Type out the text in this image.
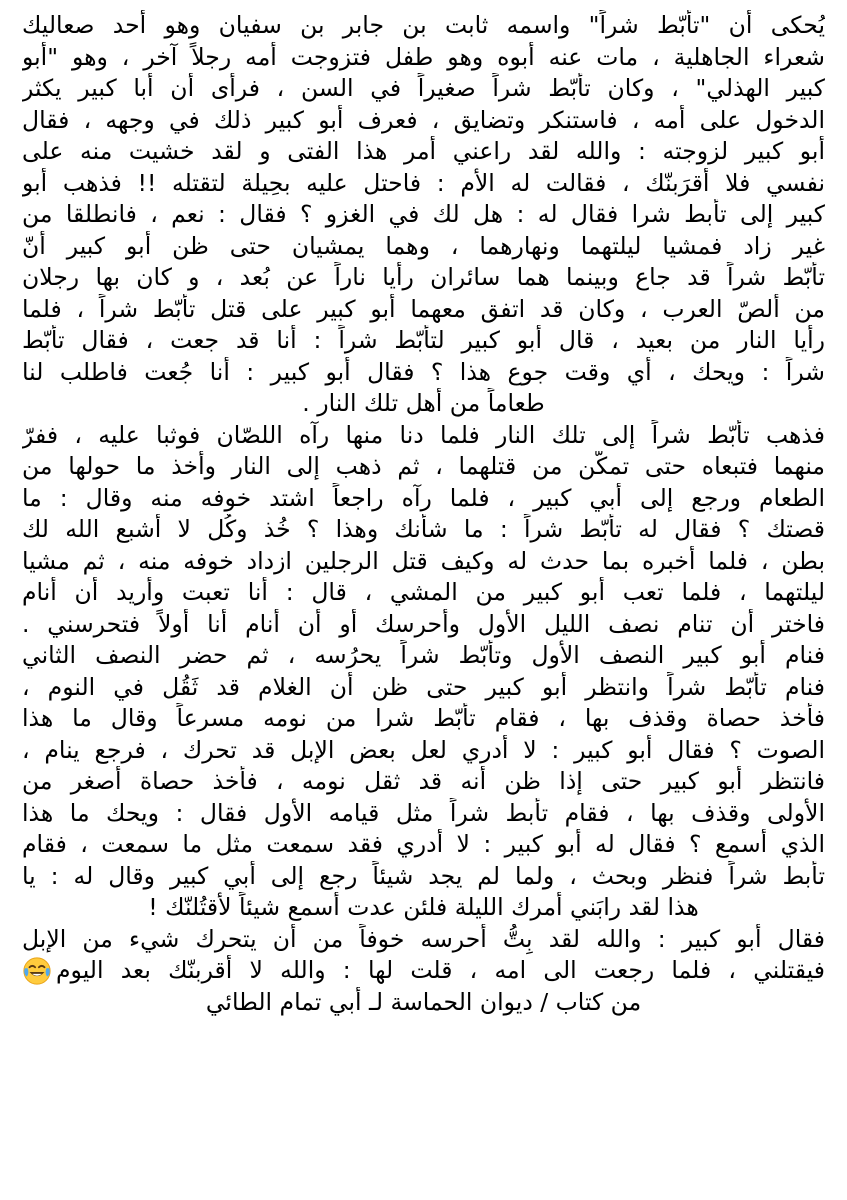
يُحكى أن "تأبّط شراً" واسمه ثابت بن جابر بن سفيان وهو أحد صعاليك
شعراء الجاهلية ، مات عنه أبوه وهو طفل فتزوجت أمه رجلاً آخر ، وهو "أبو
كبير الهذلي" ، وكان تأبّط شراً صغيراً في السن ، فرأى أن أبا كبير يكثر
الدخول على أمه ، فاستنكر وتضايق ، فعرف أبو كبير ذلك في وجهه ، فقال
أبو كبير لزوجته : والله لقد راعني أمر هذا الفتى و لقد خشيت منه على
نفسي فلا أقرَبنّك ، فقالت له الأم : فاحتل عليه بحِيلة لتقتله !! فذهب أبو
كبير إلى تأبط شرا فقال له : هل لك في الغزو ؟ فقال : نعم ، فانطلقا من
غير زاد فمشيا ليلتهما ونهارهما ، وهما يمشيان حتى ظن أبو كبير أنّ
تأبّط شراً قد جاع وبينما هما سائران رأيا ناراً عن بُعد ، و كان بها رجلان
من ألصّ العرب ، وكان قد اتفق معهما أبو كبير على قتل تأبّط شراً ، فلما
رأيا النار من بعيد ، قال أبو كبير لتأبّط شراً : أنا قد جعت ، فقال تأبّط
شراً : ويحك ، أي وقت جوع هذا ؟ فقال أبو كبير : أنا جُعت فاطلب لنا
طعاماً من أهل تلك النار .
فذهب تأبّط شراً إلى تلك النار فلما دنا منها رآه اللصّان فوثبا عليه ، ففرّ
منهما فتبعاه حتى تمكّن من قتلهما ، ثم ذهب إلى النار وأخذ ما حولها من
الطعام ورجع إلى أبي كبير ، فلما رآه راجعاً اشتد خوفه منه وقال : ما
قصتك ؟ فقال له تأبّط شراً : ما شأنك وهذا ؟ خُذ وكُل لا أشبع الله لك
بطن ، فلما أخبره بما حدث له وكيف قتل الرجلين ازداد خوفه منه ، ثم مشيا
ليلتهما ، فلما تعب أبو كبير من المشي ، قال : أنا تعبت وأريد أن أنام
فاختر أن تنام نصف الليل الأول وأحرسك أو أن أنام أنا أولاً فتحرسني .
فنام أبو كبير النصف الأول وتأبّط شراً يحرُسه ، ثم حضر النصف الثاني
فنام تأبّط شراً وانتظر أبو كبير حتى ظن أن الغلام قد ثَقُل في النوم ،
فأخذ حصاة وقذف بها ، فقام تأبّط شرا من نومه مسرعاً وقال ما هذا
الصوت ؟ فقال أبو كبير : لا أدري لعل بعض الإبل قد تحرك ، فرجع ينام ،
فانتظر أبو كبير حتى إذا ظن أنه قد ثقل نومه ، فأخذ حصاة أصغر من
الأولى وقذف بها ، فقام تأبط شراً مثل قيامه الأول فقال : ويحك ما هذا
الذي أسمع ؟ فقال له أبو كبير : لا أدري فقد سمعت مثل ما سمعت ، فقام
تأبط شراً فنظر وبحث ، ولما لم يجد شيئاً رجع إلى أبي كبير وقال له : يا
هذا لقد رابَني أمرك الليلة فلئن عدت أسمع شيئاً لأقتُلنّك !
فقال أبو كبير : والله لقد بِتُّ أحرسه خوفاً من أن يتحرك شيء من الإبل
فيقتلني ، فلما رجعت الى امه ، قلت لها : والله لا أقربنّك بعد اليوم
من كتاب / ديوان الحماسة لـ أبي تمام الطائي
